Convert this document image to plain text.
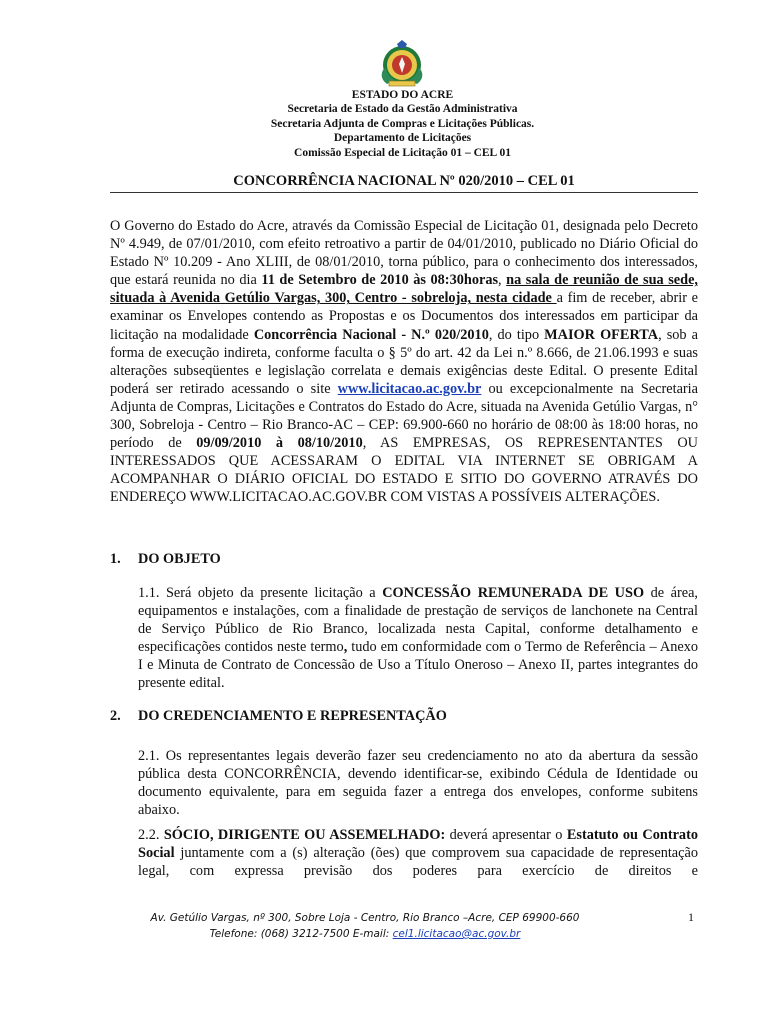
ESTADO DO ACRE
Secretaria de Estado da Gestão Administrativa
Secretaria Adjunta de Compras e Licitações Públicas.
Departamento de Licitações
Comissão Especial de Licitação 01 – CEL 01
CONCORRÊNCIA NACIONAL Nº 020/2010 – CEL 01
O Governo do Estado do Acre, através da Comissão Especial de Licitação 01, designada pelo Decreto Nº 4.949, de 07/01/2010, com efeito retroativo a partir de 04/01/2010, publicado no Diário Oficial do Estado Nº 10.209 - Ano XLIII, de 08/01/2010, torna público, para o conhecimento dos interessados, que estará reunida no dia 11 de Setembro de 2010 às 08:30horas, na sala de reunião de sua sede, situada à Avenida Getúlio Vargas, 300, Centro - sobreloja, nesta cidade a fim de receber, abrir e examinar os Envelopes contendo as Propostas e os Documentos dos interessados em participar da licitação na modalidade Concorrência Nacional - N.º 020/2010, do tipo MAIOR OFERTA, sob a forma de execução indireta, conforme faculta o § 5º do art. 42 da Lei n.º 8.666, de 21.06.1993 e suas alterações subseqüentes e legislação correlata e demais exigências deste Edital. O presente Edital poderá ser retirado acessando o site www.licitacao.ac.gov.br ou excepcionalmente na Secretaria Adjunta de Compras, Licitações e Contratos do Estado do Acre, situada na Avenida Getúlio Vargas, n° 300, Sobreloja - Centro – Rio Branco-AC – CEP: 69.900-660 no horário de 08:00 às 18:00 horas, no período de 09/09/2010 à 08/10/2010, AS EMPRESAS, OS REPRESENTANTES OU INTERESSADOS QUE ACESSARAM O EDITAL VIA INTERNET SE OBRIGAM A ACOMPANHAR O DIÁRIO OFICIAL DO ESTADO E SITIO DO GOVERNO ATRAVÉS DO ENDEREÇO WWW.LICITACAO.AC.GOV.BR COM VISTAS A POSSÍVEIS ALTERAÇÕES.
1. DO OBJETO
1.1. Será objeto da presente licitação a CONCESSÃO REMUNERADA DE USO de área, equipamentos e instalações, com a finalidade de prestação de serviços de lanchonete na Central de Serviço Público de Rio Branco, localizada nesta Capital, conforme detalhamento e especificações contidos neste termo, tudo em conformidade com o Termo de Referência – Anexo I e Minuta de Contrato de Concessão de Uso a Título Oneroso – Anexo II, partes integrantes do presente edital.
2. DO CREDENCIAMENTO E REPRESENTAÇÃO
2.1. Os representantes legais deverão fazer seu credenciamento no ato da abertura da sessão pública desta CONCORRÊNCIA, devendo identificar-se, exibindo Cédula de Identidade ou documento equivalente, para em seguida fazer a entrega dos envelopes, conforme subitens abaixo.
2.2. SÓCIO, DIRIGENTE OU ASSEMELHADO: deverá apresentar o Estatuto ou Contrato Social juntamente com a (s) alteração (ões) que comprovem sua capacidade de representação legal, com expressa previsão dos poderes para exercício de direitos e
Av. Getúlio Vargas, nº 300, Sobre Loja - Centro, Rio Branco –Acre, CEP 69900-660
Telefone: (068) 3212-7500 E-mail: cel1.licitacao@ac.gov.br
1
